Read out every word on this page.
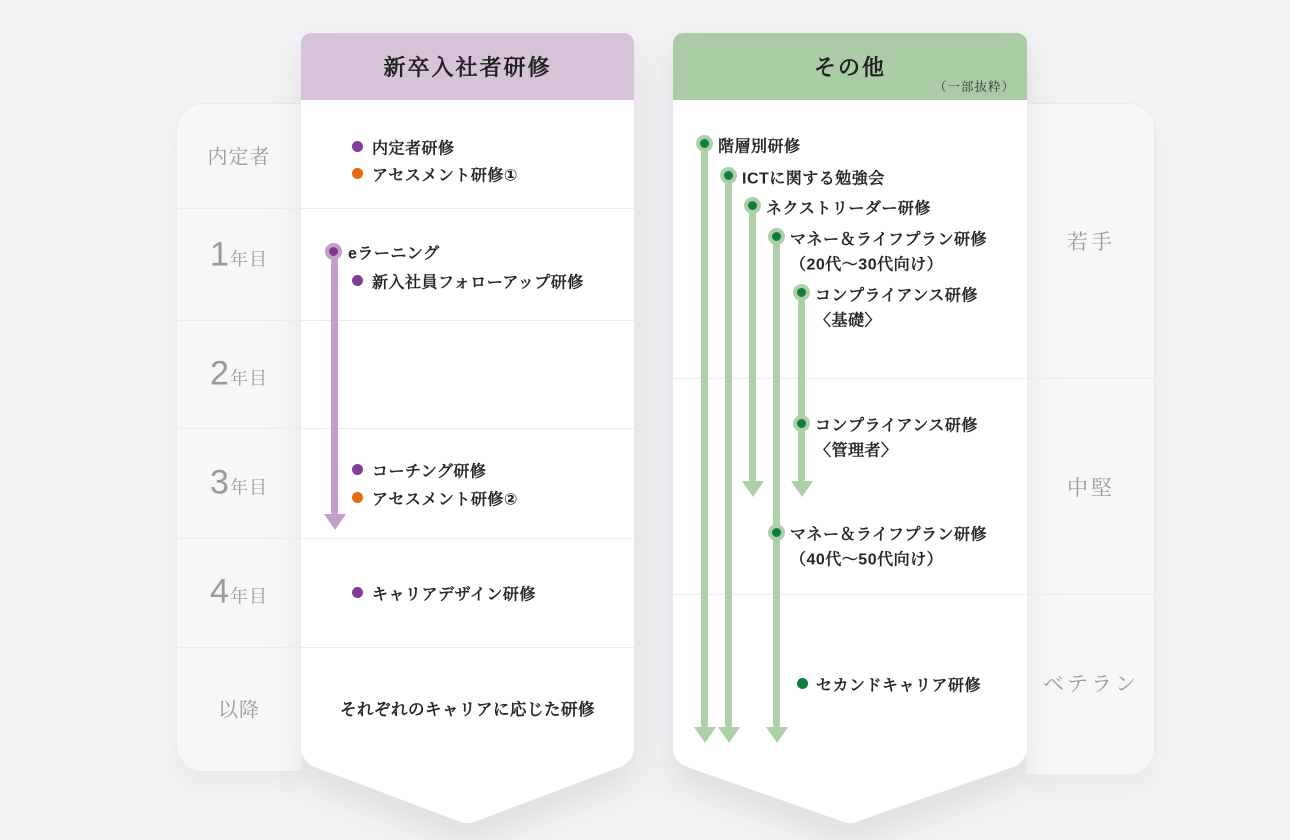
新卒入社者研修	その他
（一部抜粋）
内定者
1年目
2年目
3年目
4年目
以降
若手
中堅
ベテラン
内定者研修
アセスメント研修①
eラーニング
新入社員フォローアップ研修
コーチング研修
アセスメント研修②
キャリアデザイン研修
それぞれのキャリアに応じた研修
階層別研修
ICTに関する勉強会
ネクストリーダー研修
マネー＆ライフプラン研修
（20代〜30代向け）
コンプライアンス研修
〈基礎〉
コンプライアンス研修
〈管理者〉
マネー＆ライフプラン研修
（40代〜50代向け）
セカンドキャリア研修
